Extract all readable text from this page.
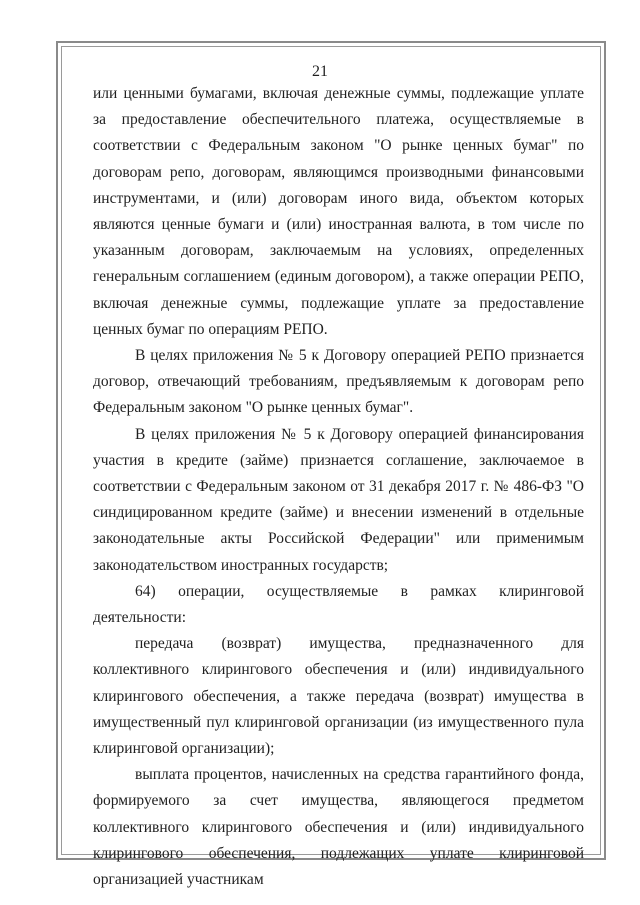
21

или ценными бумагами, включая денежные суммы, подлежащие уплате за предоставление обеспечительного платежа, осуществляемые в соответствии с Федеральным законом "О рынке ценных бумаг" по договорам репо, договорам, являющимся производными финансовыми инструментами, и (или) договорам иного вида, объектом которых являются ценные бумаги и (или) иностранная валюта, в том числе по указанным договорам, заключаемым на условиях, определенных генеральным соглашением (единым договором), а также операции РЕПО, включая денежные суммы, подлежащие уплате за предоставление ценных бумаг по операциям РЕПО.

В целях приложения № 5 к Договору операцией РЕПО признается договор, отвечающий требованиям, предъявляемым к договорам репо Федеральным законом "О рынке ценных бумаг".

В целях приложения № 5 к Договору операцией финансирования участия в кредите (займе) признается соглашение, заключаемое в соответствии с Федеральным законом от 31 декабря 2017 г. № 486-ФЗ "О синдицированном кредите (займе) и внесении изменений в отдельные законодательные акты Российской Федерации" или применимым законодательством иностранных государств;

64) операции, осуществляемые в рамках клиринговой деятельности:

передача (возврат) имущества, предназначенного для коллективного клирингового обеспечения и (или) индивидуального клирингового обеспечения, а также передача (возврат) имущества в имущественный пул клиринговой организации (из имущественного пула клиринговой организации);

выплата процентов, начисленных на средства гарантийного фонда, формируемого за счет имущества, являющегося предметом коллективного клирингового обеспечения и (или) индивидуального клирингового обеспечения, подлежащих уплате клиринговой организацией участникам
